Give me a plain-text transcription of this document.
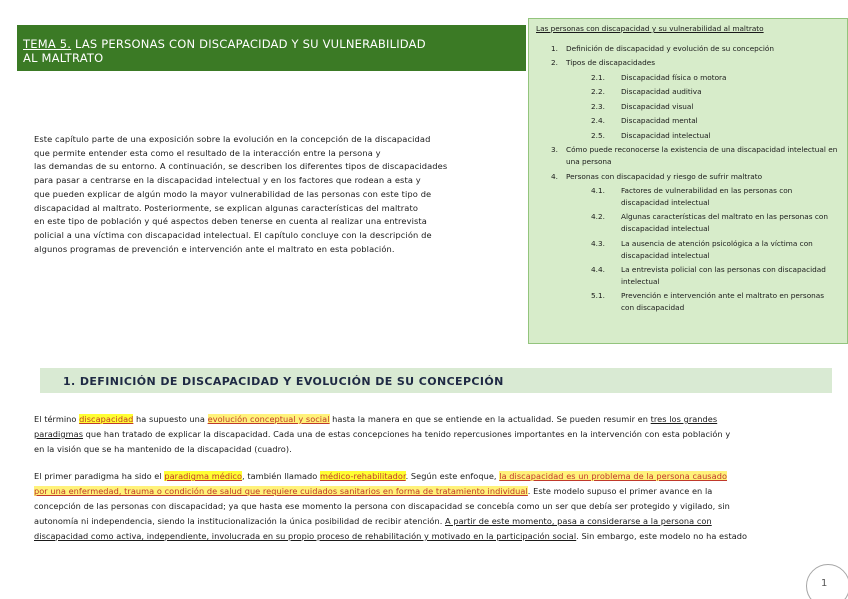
TEMA 5. LAS PERSONAS CON DISCAPACIDAD Y SU VULNERABILIDAD
AL MALTRATO
Este capítulo parte de una exposición sobre la evolución en la concepción de la discapacidad
que permite entender esta como el resultado de la interacción entre la persona y
las demandas de su entorno. A continuación, se describen los diferentes tipos de discapacidades
para pasar a centrarse en la discapacidad intelectual y en los factores que rodean a esta y
que pueden explicar de algún modo la mayor vulnerabilidad de las personas con este tipo de
discapacidad al maltrato. Posteriormente, se explican algunas características del maltrato
en este tipo de población y qué aspectos deben tenerse en cuenta al realizar una entrevista
policial a una víctima con discapacidad intelectual. El capítulo concluye con la descripción de
algunos programas de prevención e intervención ante el maltrato en esta población.
Las personas con discapacidad y su vulnerabilidad al maltrato
1.	Definición de discapacidad y evolución de su concepción
2.	Tipos de discapacidades
2.1.	Discapacidad física o motora
2.2.	Discapacidad auditiva
2.3.	Discapacidad visual
2.4.	Discapacidad mental
2.5.	Discapacidad intelectual
3.	Cómo puede reconocerse la existencia de una discapacidad intelectual en una persona
4.	Personas con discapacidad y riesgo de sufrir maltrato
4.1.	Factores de vulnerabilidad en las personas con discapacidad intelectual
4.2.	Algunas características del maltrato en las personas con discapacidad intelectual
4.3.	La ausencia de atención psicológica a la víctima con discapacidad intelectual
4.4.	La entrevista policial con las personas con discapacidad intelectual
5.1.	Prevención e intervención ante el maltrato en personas con discapacidad
1. DEFINICIÓN DE DISCAPACIDAD Y EVOLUCIÓN DE SU CONCEPCIÓN
El término discapacidad ha supuesto una evolución conceptual y social hasta la manera en que se entiende en la actualidad. Se pueden resumir en tres los grandes
paradigmas que han tratado de explicar la discapacidad. Cada una de estas concepciones ha tenido repercusiones importantes en la intervención con esta población y
en la visión que se ha mantenido de la discapacidad (cuadro).
El primer paradigma ha sido el paradigma médico, también llamado médico-rehabilitador. Según este enfoque, la discapacidad es un problema de la persona causado
por una enfermedad, trauma o condición de salud que requiere cuidados sanitarios en forma de tratamiento individual. Este modelo supuso el primer avance en la
concepción de las personas con discapacidad; ya que hasta ese momento la persona con discapacidad se concebía como un ser que debía ser protegido y vigilado, sin
autonomía ni independencia, siendo la institucionalización la única posibilidad de recibir atención. A partir de este momento, pasa a considerarse a la persona con
discapacidad como activa, independiente, involucrada en su propio proceso de rehabilitación y motivado en la participación social. Sin embargo, este modelo no ha estado
1
